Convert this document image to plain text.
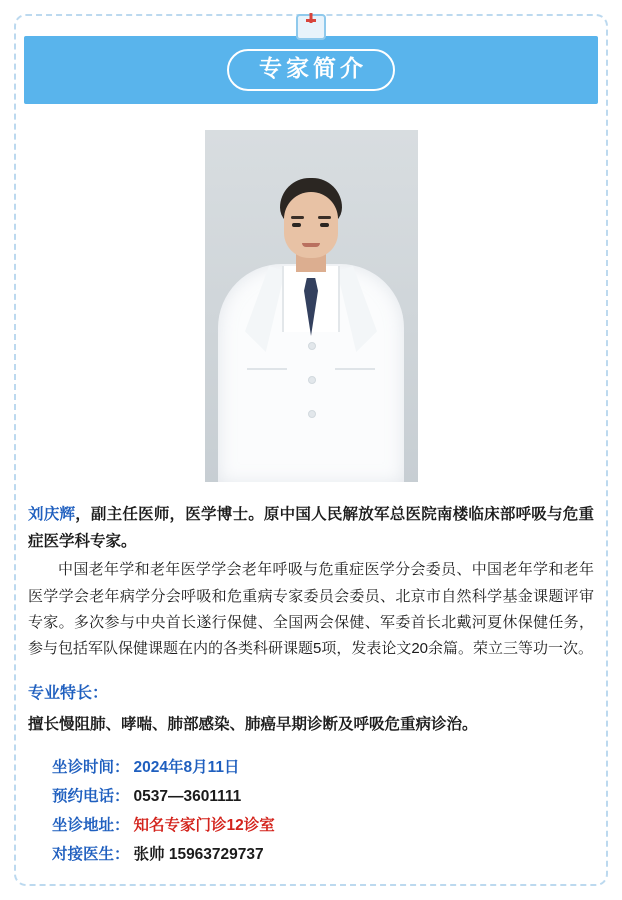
专家简介

刘庆辉，副主任医师，医学博士。原中国人民解放军总医院南楼临床部呼吸与危重症医学科专家。

中国老年学和老年医学学会老年呼吸与危重症医学分会委员、中国老年学和老年医学学会老年病学分会呼吸和危重病专家委员会委员、北京市自然科学基金课题评审专家。多次参与中央首长遂行保健、全国两会保健、军委首长北戴河夏休保健任务，参与包括军队保健课题在内的各类科研课题5项，发表论文20余篇。荣立三等功一次。

专业特长：

擅长慢阻肺、哮喘、肺部感染、肺癌早期诊断及呼吸危重病诊治。

坐诊时间： 2024年8月11日
预约电话： 0537—3601111
坐诊地址： 知名专家门诊12诊室
对接医生： 张帅 15963729737
